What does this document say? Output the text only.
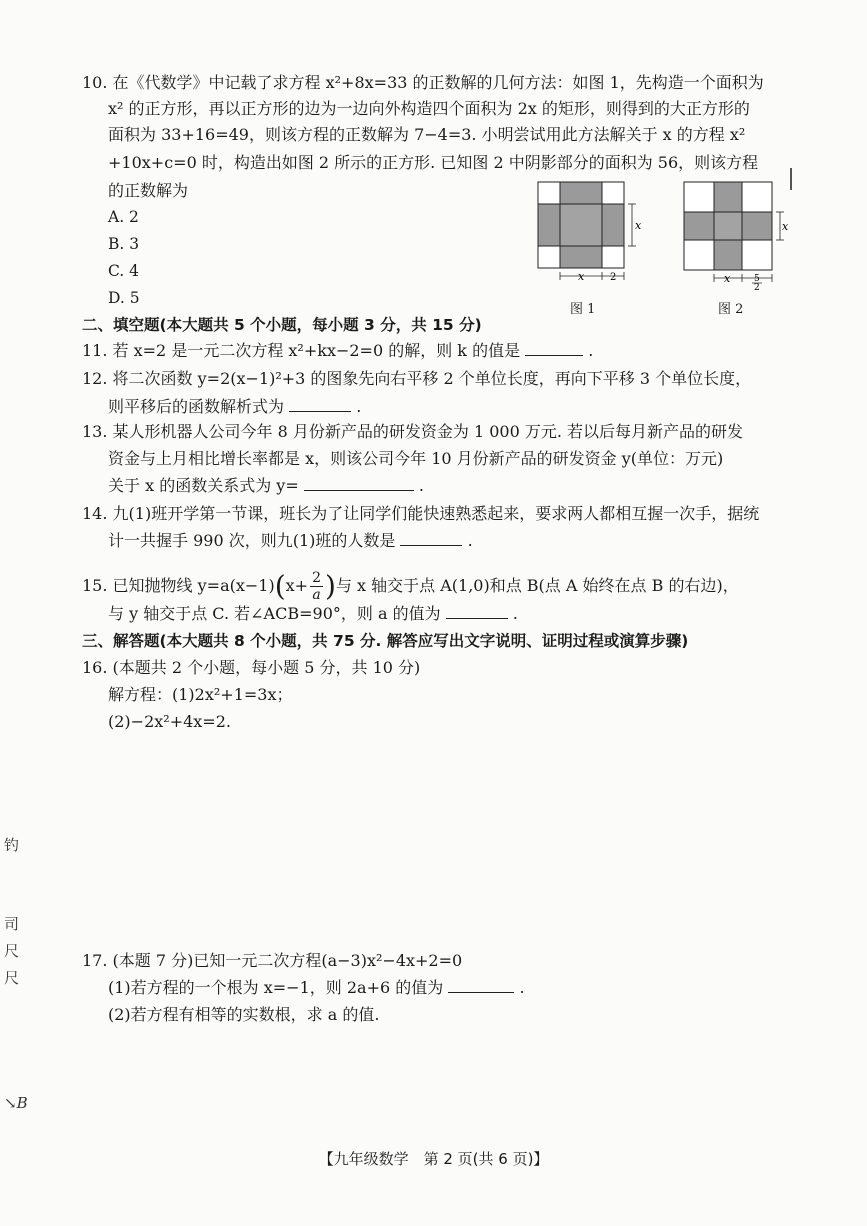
10. 在《代数学》中记载了求方程 x²+8x=33 的正数解的几何方法：如图 1，先构造一个面积为
x² 的正方形，再以正方形的边为一边向外构造四个面积为 2x 的矩形，则得到的大正方形的
面积为 33+16=49，则该方程的正数解为 7−4=3. 小明尝试用此方法解关于 x 的方程 x²
+10x+c=0 时，构造出如图 2 所示的正方形. 已知图 2 中阴影部分的面积为 56，则该方程
的正数解为
A. 2
B. 3
C. 4
D. 5
x
x	2
图 1
x
x	5
2
图 2
二、填空题(本大题共 5 个小题，每小题 3 分，共 15 分)
11. 若 x=2 是一元二次方程 x²+kx−2=0 的解，则 k 的值是	.
12. 将二次函数 y=2(x−1)²+3 的图象先向右平移 2 个单位长度，再向下平移 3 个单位长度，
则平移后的函数解析式为	.
13. 某人形机器人公司今年 8 月份新产品的研发资金为 1 000 万元. 若以后每月新产品的研发
资金与上月相比增长率都是 x，则该公司今年 10 月份新产品的研发资金 y(单位：万元)
关于 x 的函数关系式为 y=	.
14. 九(1)班开学第一节课，班长为了让同学们能快速熟悉起来，要求两人都相互握一次手，据统
计一共握手 990 次，则九(1)班的人数是	.
15. 已知抛物线 $y=a(x-1)(x+ \frac{2}{a}$ )与 x 轴交于点 A(1,0)和点 B(点 A 始终在点 B 的右边)，
与 y 轴交于点 C. 若∠ACB=90°，则 a 的值为	.
三、解答题(本大题共 8 个小题，共 75 分. 解答应写出文字说明、证明过程或演算步骤)
16. (本题共 2 个小题，每小题 5 分，共 10 分)
解方程：(1)2x²+1=3x；
(2)−2x²+4x=2.
钓
司
尺
尺
↘B
17. (本题 7 分)已知一元二次方程(a−3)x²−4x+2=0
(1)若方程的一个根为 x=−1，则 2a+6 的值为	.
(2)若方程有相等的实数根，求 a 的值.
【九年级数学　第 2 页(共 6 页)】
